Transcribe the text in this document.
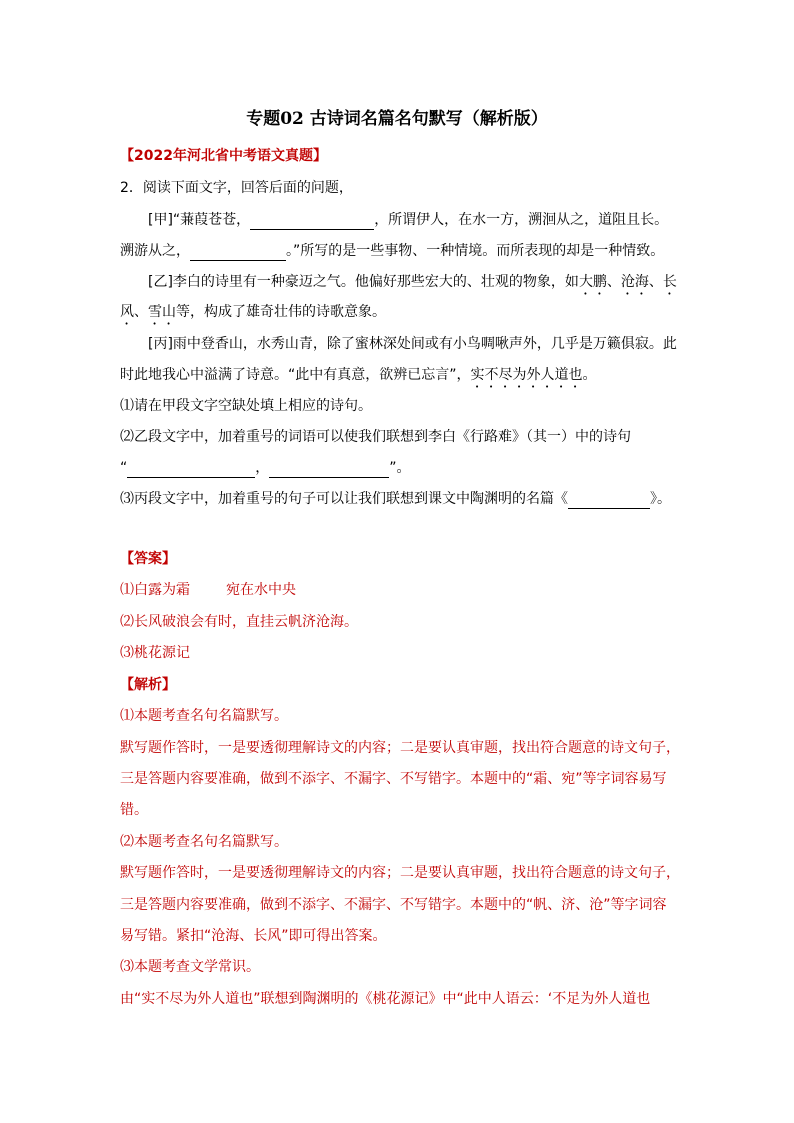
专题02 古诗词名篇名句默写（解析版）
【2022年河北省中考语文真题】
2．阅读下面文字，回答后面的问题，
[甲]“蒹葭苍苍，	，所谓伊人，在水一方，溯洄从之，道阻且长。
溯游从之，	。”所写的是一些事物、一种情境。而所表现的却是一种情致。
[乙]李白的诗里有一种豪迈之气。他偏好那些宏大的、壮观的物象，如大鹏、沧海、长
风、雪山等，构成了雄奇壮伟的诗歌意象。
[丙]雨中登香山，水秀山青，除了蜜林深处间或有小鸟啁啾声外，几乎是万籁俱寂。此
时此地我心中溢满了诗意。“此中有真意，欲辨已忘言”，实不尽为外人道也。
⑴请在甲段文字空缺处填上相应的诗句。
⑵乙段文字中，加着重号的词语可以使我们联想到李白《行路难》（其一）中的诗句
“	，	”。
⑶丙段文字中，加着重号的句子可以让我们联想到课文中陶渊明的名篇《	》。
【答案】
⑴白露为霜	宛在水中央
⑵长风破浪会有时，直挂云帆济沧海。
⑶桃花源记
【解析】
⑴本题考查名句名篇默写。
默写题作答时，一是要透彻理解诗文的内容；二是要认真审题，找出符合题意的诗文句子，
三是答题内容要准确，做到不添字、不漏字、不写错字。本题中的“霜、宛”等字词容易写
错。
⑵本题考查名句名篇默写。
默写题作答时，一是要透彻理解诗文的内容；二是要认真审题，找出符合题意的诗文句子，
三是答题内容要准确，做到不添字、不漏字、不写错字。本题中的“帆、济、沧”等字词容
易写错。紧扣“沧海、长风”即可得出答案。
⑶本题考查文学常识。
由“实不尽为外人道也”联想到陶渊明的《桃花源记》中“此中人语云：‘不足为外人道也
